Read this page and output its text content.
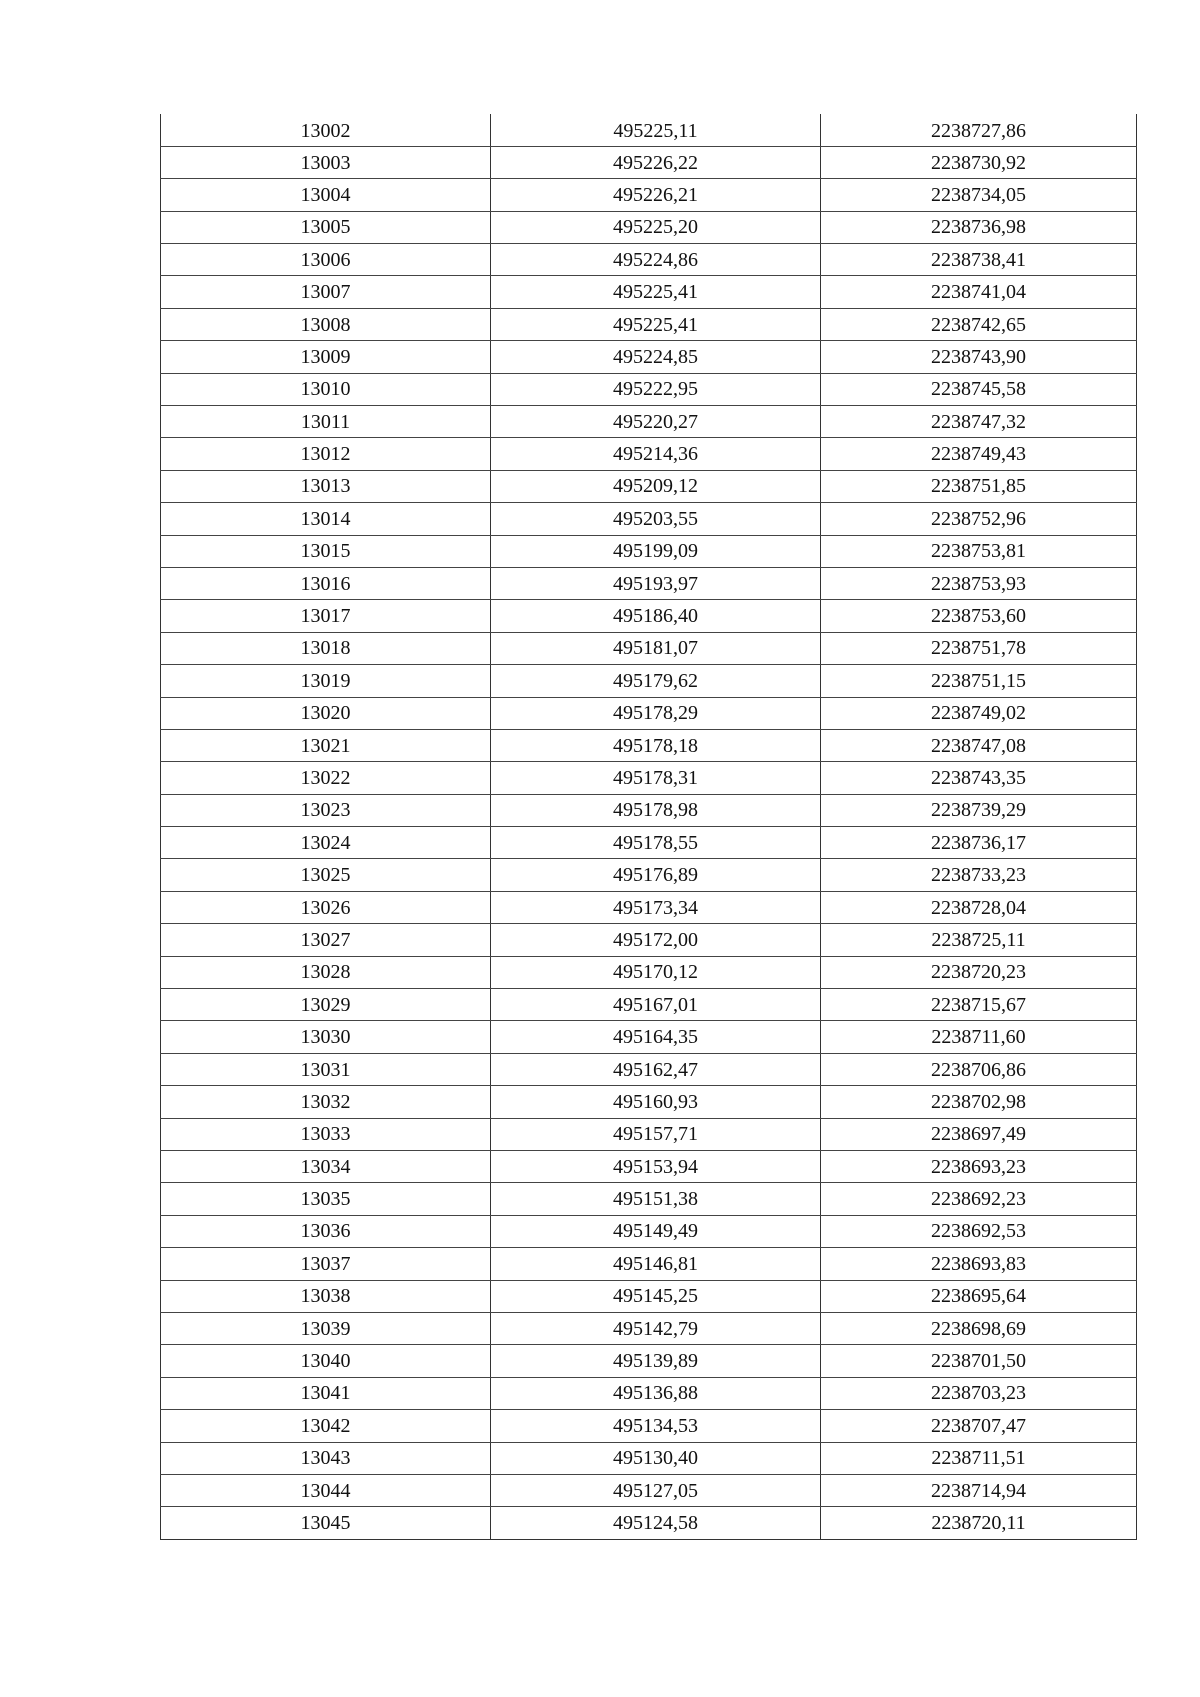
13002	495225,11	2238727,86
13003	495226,22	2238730,92
13004	495226,21	2238734,05
13005	495225,20	2238736,98
13006	495224,86	2238738,41
13007	495225,41	2238741,04
13008	495225,41	2238742,65
13009	495224,85	2238743,90
13010	495222,95	2238745,58
13011	495220,27	2238747,32
13012	495214,36	2238749,43
13013	495209,12	2238751,85
13014	495203,55	2238752,96
13015	495199,09	2238753,81
13016	495193,97	2238753,93
13017	495186,40	2238753,60
13018	495181,07	2238751,78
13019	495179,62	2238751,15
13020	495178,29	2238749,02
13021	495178,18	2238747,08
13022	495178,31	2238743,35
13023	495178,98	2238739,29
13024	495178,55	2238736,17
13025	495176,89	2238733,23
13026	495173,34	2238728,04
13027	495172,00	2238725,11
13028	495170,12	2238720,23
13029	495167,01	2238715,67
13030	495164,35	2238711,60
13031	495162,47	2238706,86
13032	495160,93	2238702,98
13033	495157,71	2238697,49
13034	495153,94	2238693,23
13035	495151,38	2238692,23
13036	495149,49	2238692,53
13037	495146,81	2238693,83
13038	495145,25	2238695,64
13039	495142,79	2238698,69
13040	495139,89	2238701,50
13041	495136,88	2238703,23
13042	495134,53	2238707,47
13043	495130,40	2238711,51
13044	495127,05	2238714,94
13045	495124,58	2238720,11
